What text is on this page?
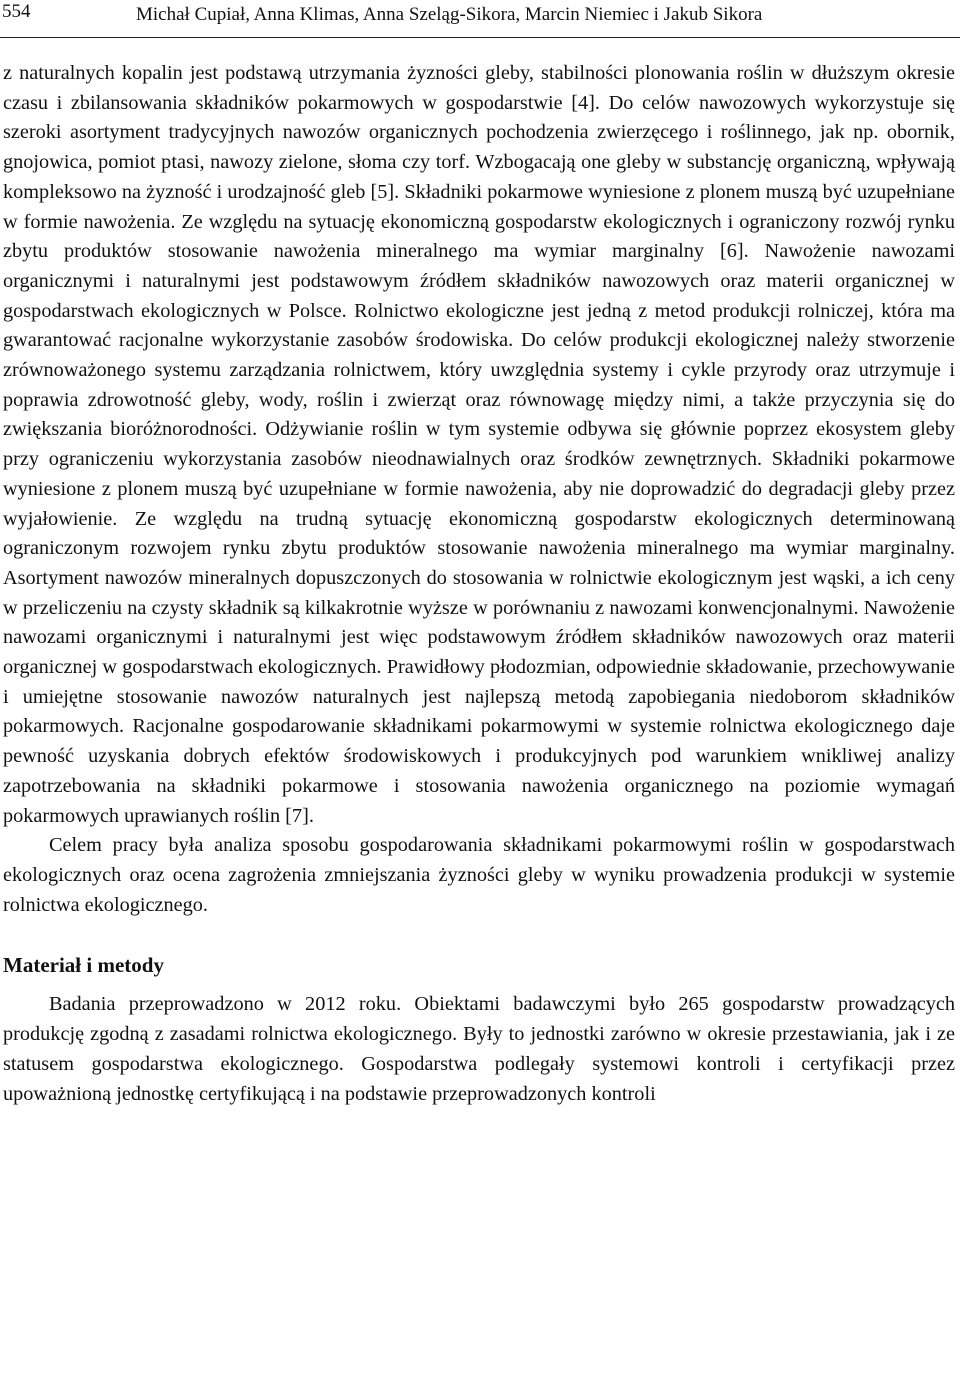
554	Michał Cupiał, Anna Klimas, Anna Szeląg-Sikora, Marcin Niemiec i Jakub Sikora

z naturalnych kopalin jest podstawą utrzymania żyzności gleby, stabilności plonowania roślin w dłuższym okresie czasu i zbilansowania składników pokarmowych w gospodarstwie [4]. Do celów nawozowych wykorzystuje się szeroki asortyment tradycyjnych nawozów organicznych pochodzenia zwierzęcego i roślinnego, jak np. obornik, gnojowica, pomiot ptasi, nawozy zielone, słoma czy torf. Wzbogacają one gleby w substancję organiczną, wpływają kompleksowo na żyzność i urodzajność gleb [5]. Składniki pokarmowe wyniesione z plonem muszą być uzupełniane w formie nawożenia. Ze względu na sytuację ekonomiczną gospodarstw ekologicznych i ograniczony rozwój rynku zbytu produktów stosowanie nawożenia mineralnego ma wymiar marginalny [6]. Nawożenie nawozami organicznymi i naturalnymi jest podstawowym źródłem składników nawozowych oraz materii organicznej w gospodarstwach ekologicznych w Polsce. Rolnictwo ekologiczne jest jedną z metod produkcji rolniczej, która ma gwarantować racjonalne wykorzystanie zasobów środowiska. Do celów produkcji ekologicznej należy stworzenie zrównoważonego systemu zarządzania rolnictwem, który uwzględnia systemy i cykle przyrody oraz utrzymuje i poprawia zdrowotność gleby, wody, roślin i zwierząt oraz równowagę między nimi, a także przyczynia się do zwiększania bioróżnorodności. Odżywianie roślin w tym systemie odbywa się głównie poprzez ekosystem gleby przy ograniczeniu wykorzystania zasobów nieodnawialnych oraz środków zewnętrznych. Składniki pokarmowe wyniesione z plonem muszą być uzupełniane w formie nawożenia, aby nie doprowadzić do degradacji gleby przez wyjałowienie. Ze względu na trudną sytuację ekonomiczną gospodarstw ekologicznych determinowaną ograniczonym rozwojem rynku zbytu produktów stosowanie nawożenia mineralnego ma wymiar marginalny. Asortyment nawozów mineralnych dopuszczonych do stosowania w rolnictwie ekologicznym jest wąski, a ich ceny w przeliczeniu na czysty składnik są kilkakrotnie wyższe w porównaniu z nawozami konwencjonalnymi. Nawożenie nawozami organicznymi i naturalnymi jest więc podstawowym źródłem składników nawozowych oraz materii organicznej w gospodarstwach ekologicznych. Prawidłowy płodozmian, odpowiednie składowanie, przechowywanie i umiejętne stosowanie nawozów naturalnych jest najlepszą metodą zapobiegania niedoborom składników pokarmowych. Racjonalne gospodarowanie składnikami pokarmowymi w systemie rolnictwa ekologicznego daje pewność uzyskania dobrych efektów środowiskowych i produkcyjnych pod warunkiem wnikliwej analizy zapotrzebowania na składniki pokarmowe i stosowania nawożenia organicznego na poziomie wymagań pokarmowych uprawianych roślin [7].

Celem pracy była analiza sposobu gospodarowania składnikami pokarmowymi roślin w gospodarstwach ekologicznych oraz ocena zagrożenia zmniejszania żyzności gleby w wyniku prowadzenia produkcji w systemie rolnictwa ekologicznego.

Materiał i metody

Badania przeprowadzono w 2012 roku. Obiektami badawczymi było 265 gospodarstw prowadzących produkcję zgodną z zasadami rolnictwa ekologicznego. Były to jednostki zarówno w okresie przestawiania, jak i ze statusem gospodarstwa ekologicznego. Gospodarstwa podlegały systemowi kontroli i certyfikacji przez upoważnioną jednostkę certyfikującą i na podstawie przeprowadzonych kontroli
